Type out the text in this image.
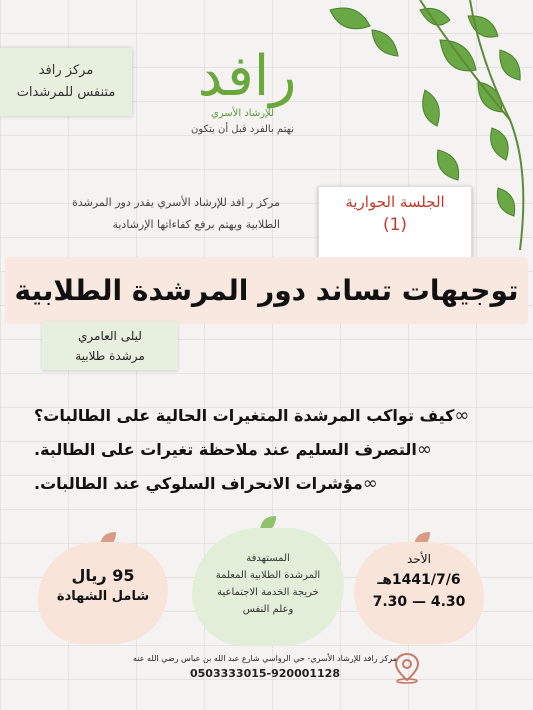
مركز رافد
متنفس للمرشدات رافد
للإرشاد الأسري
نهتم بالفرد قبل أن يتكون
مركز ر افد للإرشاد الأسري يقدر دور المرشدة
الطلابية ويهتم برفع كفاءاتها الإرشادية
الجلسة الحوارية
(1)
توجيهات تساند دور المرشدة الطلابية
ليلى العامري
مرشدة طلابية
∞
كيف تواكب المرشدة المتغيرات الحالية على الطالبات؟
∞
التصرف السليم عند ملاحظة تغيرات على الطالبة.
∞
مؤشرات الانحراف السلوكي عند الطالبات.
95 ريال
شامل الشهادة
المستهدفة
المرشدة الطلابية المعلمة
خريجة الخدمة الاجتماعية
وعلم النفس
الأحد
1441/7/6هـ
4.30 — 7.30
مركز رافد للإرشاد الأسري- حي الرواسي شارع عبد الله بن عباس رضي الله عنه
0503333015-920001128
